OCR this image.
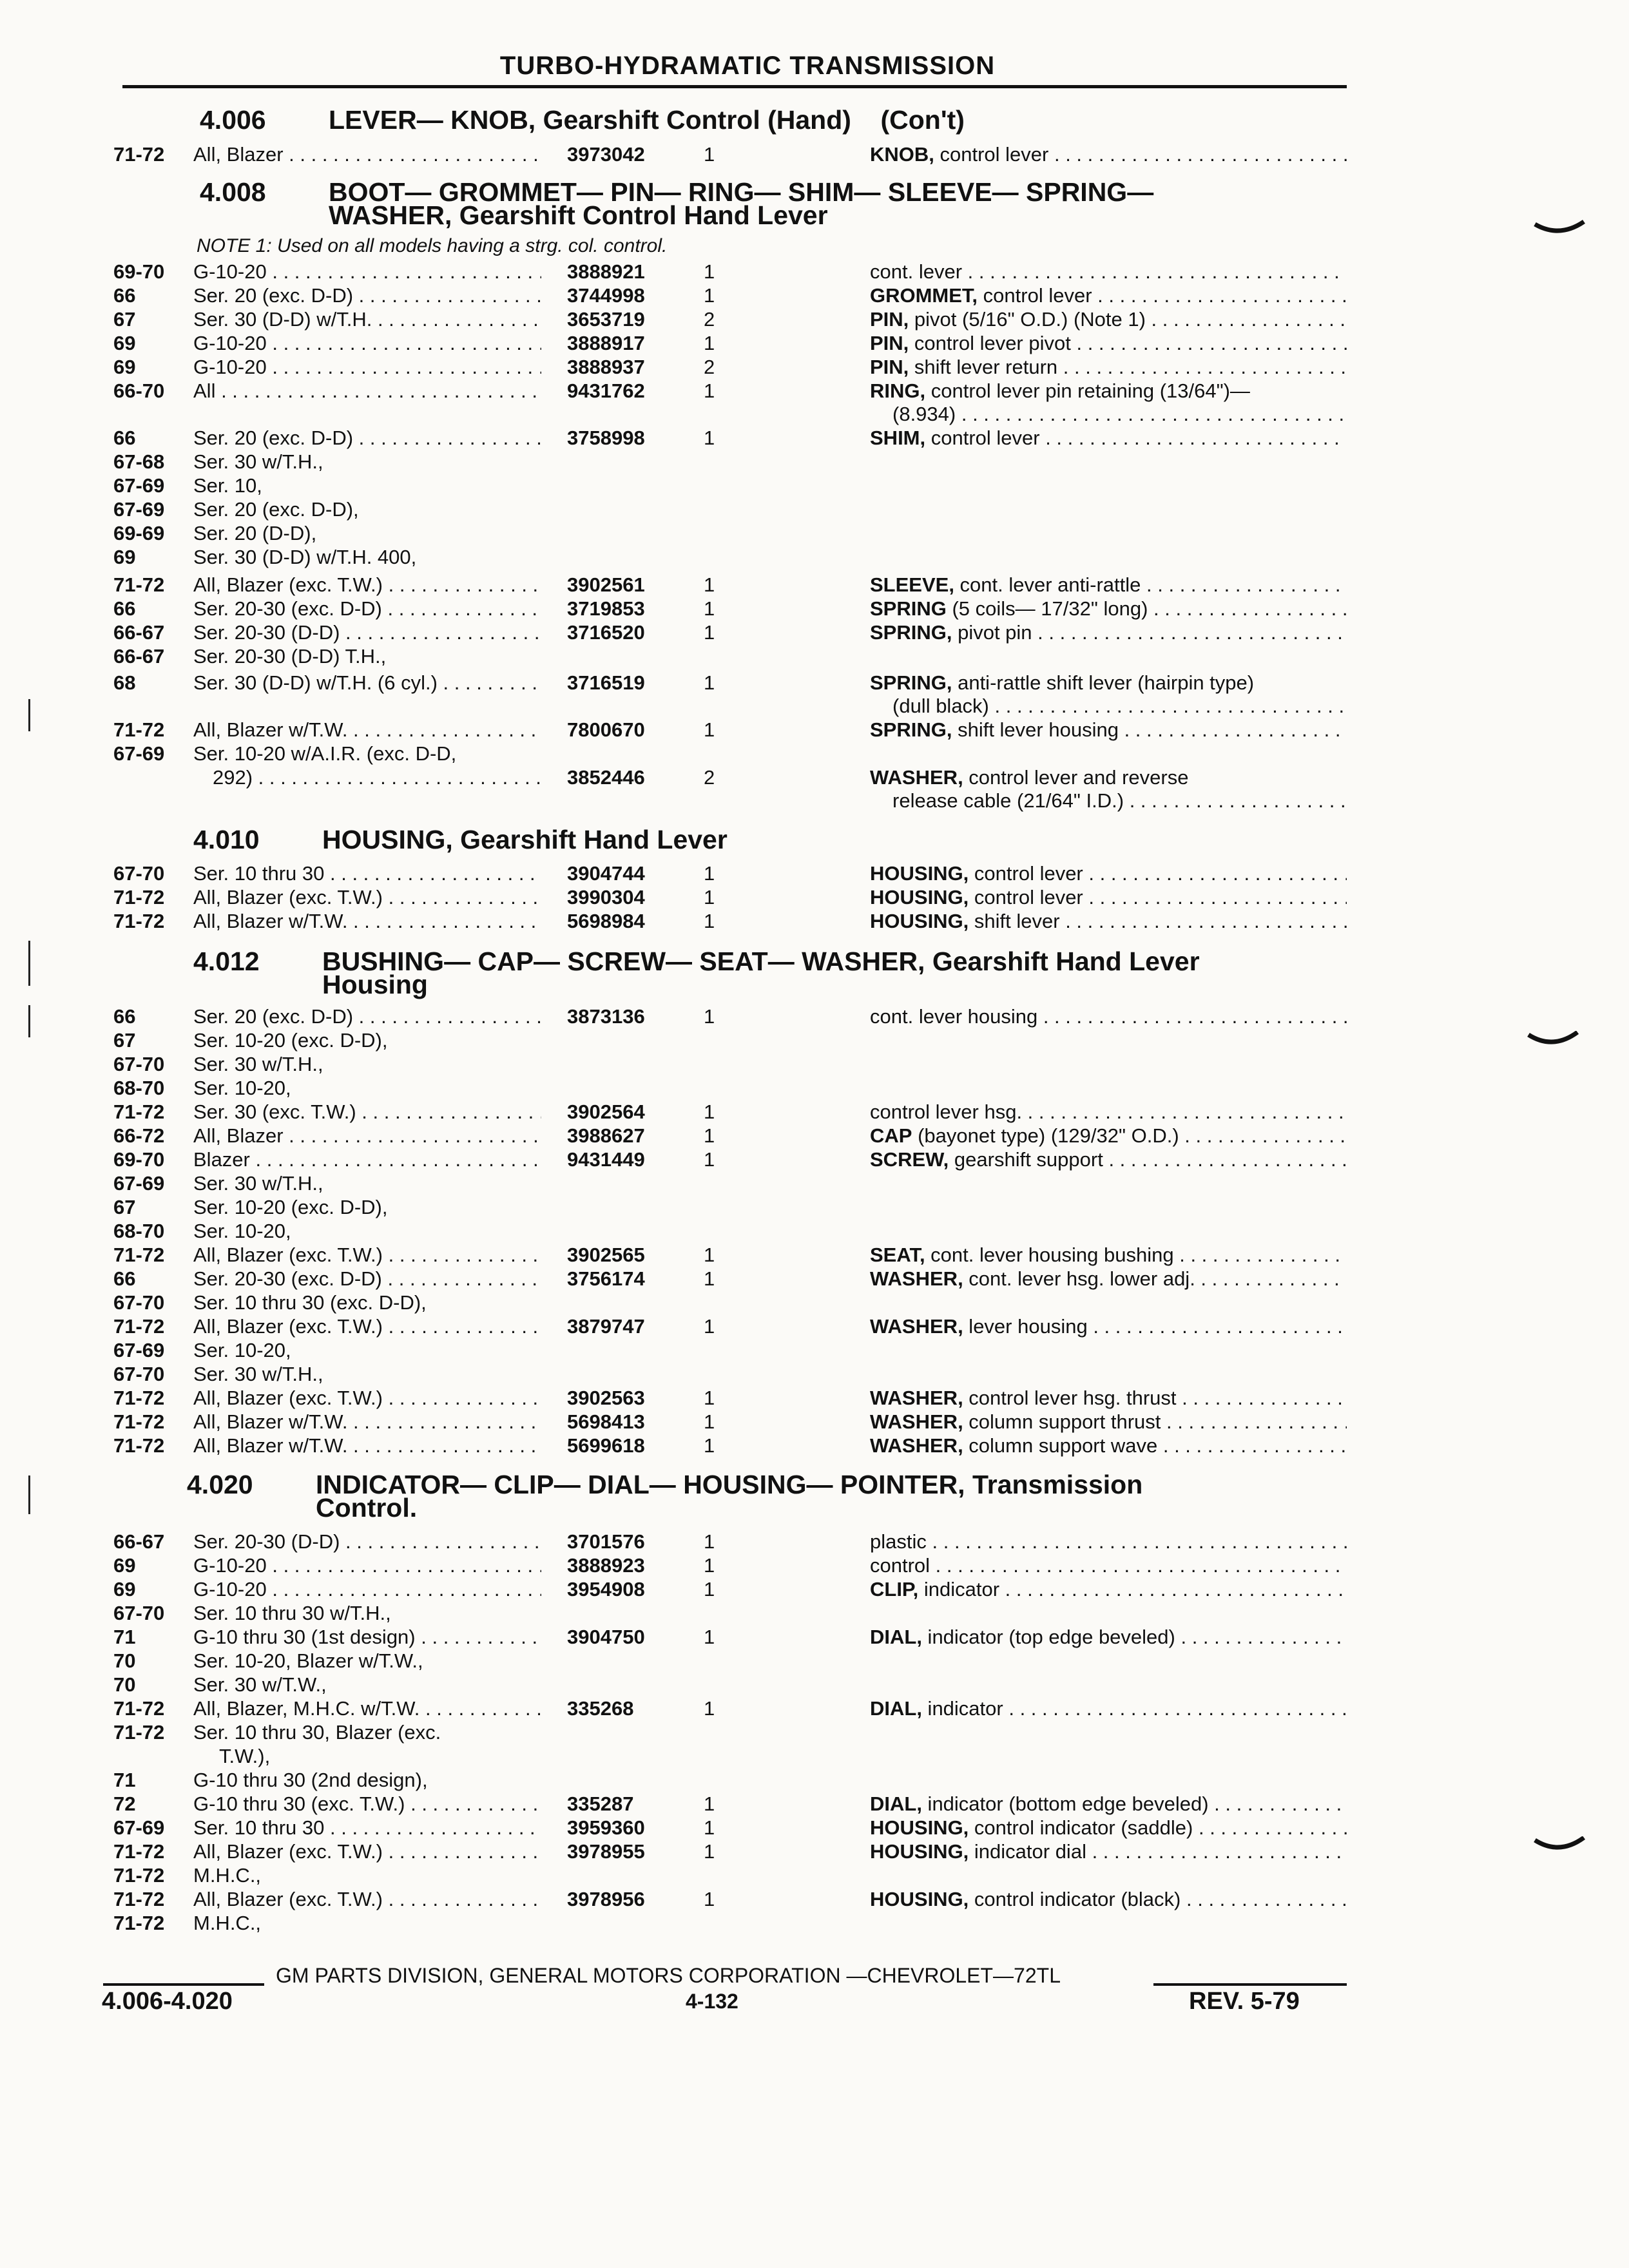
TURBO-HYDRAMATIC TRANSMISSION
4.006 LEVER— KNOB, Gearshift Control (Hand)    (Con't)
71-72 All, Blazer . . .	3973042	1	KNOB, control lever . . .
4.008 BOOT— GROMMET— PIN— RING— SHIM— SLEEVE— SPRING—
WASHER, Gearshift Control Hand Lever
NOTE 1: Used on all models having a strg. col. control.
69-70 G-10-20 . . .	3888921	1	cont. lever . . .
66	Ser. 20 (exc. D-D) . . .	3744998	1	GROMMET, control lever . . .
67	Ser. 30 (D-D) w/T.H. . . .	3653719	2	PIN, pivot (5/16" O.D.) (Note 1) . . .
69	G-10-20 . . .	3888917	1	PIN, control lever pivot . . .
69	G-10-20 . . .	3888937	2	PIN, shift lever return . . .
66-70 All . . .	9431762	1	RING, control lever pin retaining (13/64")—
(8.934) . . .
66	Ser. 20 (exc. D-D) . . .	3758998	1	SHIM, control lever . . .
67-68 Ser. 30 w/T.H.,
67-69 Ser. 10,
67-69 Ser. 20 (exc. D-D),
69-69 Ser. 20 (D-D),
69	Ser. 30 (D-D) w/T.H. 400,
71-72 All, Blazer (exc. T.W.) . . .	3902561	1	SLEEVE, cont. lever anti-rattle . . .
66	Ser. 20-30 (exc. D-D) . . .	3719853	1	SPRING (5 coils— 17/32" long) . . .
66-67 Ser. 20-30 (D-D) . . .	3716520	1	SPRING, pivot pin . . .
66-67 Ser. 20-30 (D-D) T.H.,
68	Ser. 30 (D-D) w/T.H. (6 cyl.) . . .	3716519	1	SPRING, anti-rattle shift lever (hairpin type)
(dull black) . . .
71-72 All, Blazer w/T.W. . . .	7800670	1	SPRING, shift lever housing . . .
67-69 Ser. 10-20 w/A.I.R. (exc. D-D,
292) . . .	3852446	2	WASHER, control lever and reverse
release cable (21/64" I.D.) . . .
4.010 HOUSING, Gearshift Hand Lever
67-70 Ser. 10 thru 30 . . .	3904744	1	HOUSING, control lever . . .
71-72 All, Blazer (exc. T.W.) . . .	3990304	1	HOUSING, control lever . . .
71-72 All, Blazer w/T.W. . . .	5698984	1	HOUSING, shift lever . . .
4.012 BUSHING— CAP— SCREW— SEAT— WASHER, Gearshift Hand Lever
Housing
66	Ser. 20 (exc. D-D) . . .	3873136	1	cont. lever housing . . .
67	Ser. 10-20 (exc. D-D),
67-70 Ser. 30 w/T.H.,
68-70 Ser. 10-20,
71-72 Ser. 30 (exc. T.W.) . . .	3902564	1	control lever hsg. . . .
66-72 All, Blazer . . .	3988627	1	CAP (bayonet type) (129/32" O.D.) . . .
69-70 Blazer . . .	9431449	1	SCREW, gearshift support . . .
67-69 Ser. 30 w/T.H.,
67	Ser. 10-20 (exc. D-D),
68-70 Ser. 10-20,
71-72 All, Blazer (exc. T.W.) . . .	3902565	1	SEAT, cont. lever housing bushing . . .
66	Ser. 20-30 (exc. D-D) . . .	3756174	1	WASHER, cont. lever hsg. lower adj. . . .
67-70 Ser. 10 thru 30 (exc. D-D),
71-72 All, Blazer (exc. T.W.) . . .	3879747	1	WASHER, lever housing . . .
67-69 Ser. 10-20,
67-70 Ser. 30 w/T.H.,
71-72 All, Blazer (exc. T.W.) . . .	3902563	1	WASHER, control lever hsg. thrust . . .
71-72 All, Blazer w/T.W. . . .	5698413	1	WASHER, column support thrust . . .
71-72 All, Blazer w/T.W. . . .	5699618	1	WASHER, column support wave . . .
4.020 INDICATOR— CLIP— DIAL— HOUSING— POINTER, Transmission
Control.
66-67 Ser. 20-30 (D-D) . . .	3701576	1	plastic . . .
69	G-10-20 . . .	3888923	1	control . . .
69	G-10-20 . . .	3954908	1	CLIP, indicator . . .
67-70 Ser. 10 thru 30 w/T.H.,
71	G-10 thru 30 (1st design) . . .	3904750	1	DIAL, indicator (top edge beveled) . . .
70	Ser. 10-20, Blazer w/T.W.,
70	Ser. 30 w/T.W.,
71-72 All, Blazer, M.H.C. w/T.W. . . .	335268	1	DIAL, indicator . . .
71-72 Ser. 10 thru 30, Blazer (exc.
T.W.),
71	G-10 thru 30 (2nd design),
72	G-10 thru 30 (exc. T.W.) . . .	335287	1	DIAL, indicator (bottom edge beveled) . . .
67-69 Ser. 10 thru 30 . . .	3959360	1	HOUSING, control indicator (saddle) . . .
71-72 All, Blazer (exc. T.W.) . . .	3978955	1	HOUSING, indicator dial . . .
71-72 M.H.C.,
71-72 All, Blazer (exc. T.W.) . . .	3978956	1	HOUSING, control indicator (black) . . .
71-72 M.H.C.,
GM PARTS DIVISION, GENERAL MOTORS CORPORATION —CHEVROLET—72TL
4.006-4.020	4-132	REV. 5-79
